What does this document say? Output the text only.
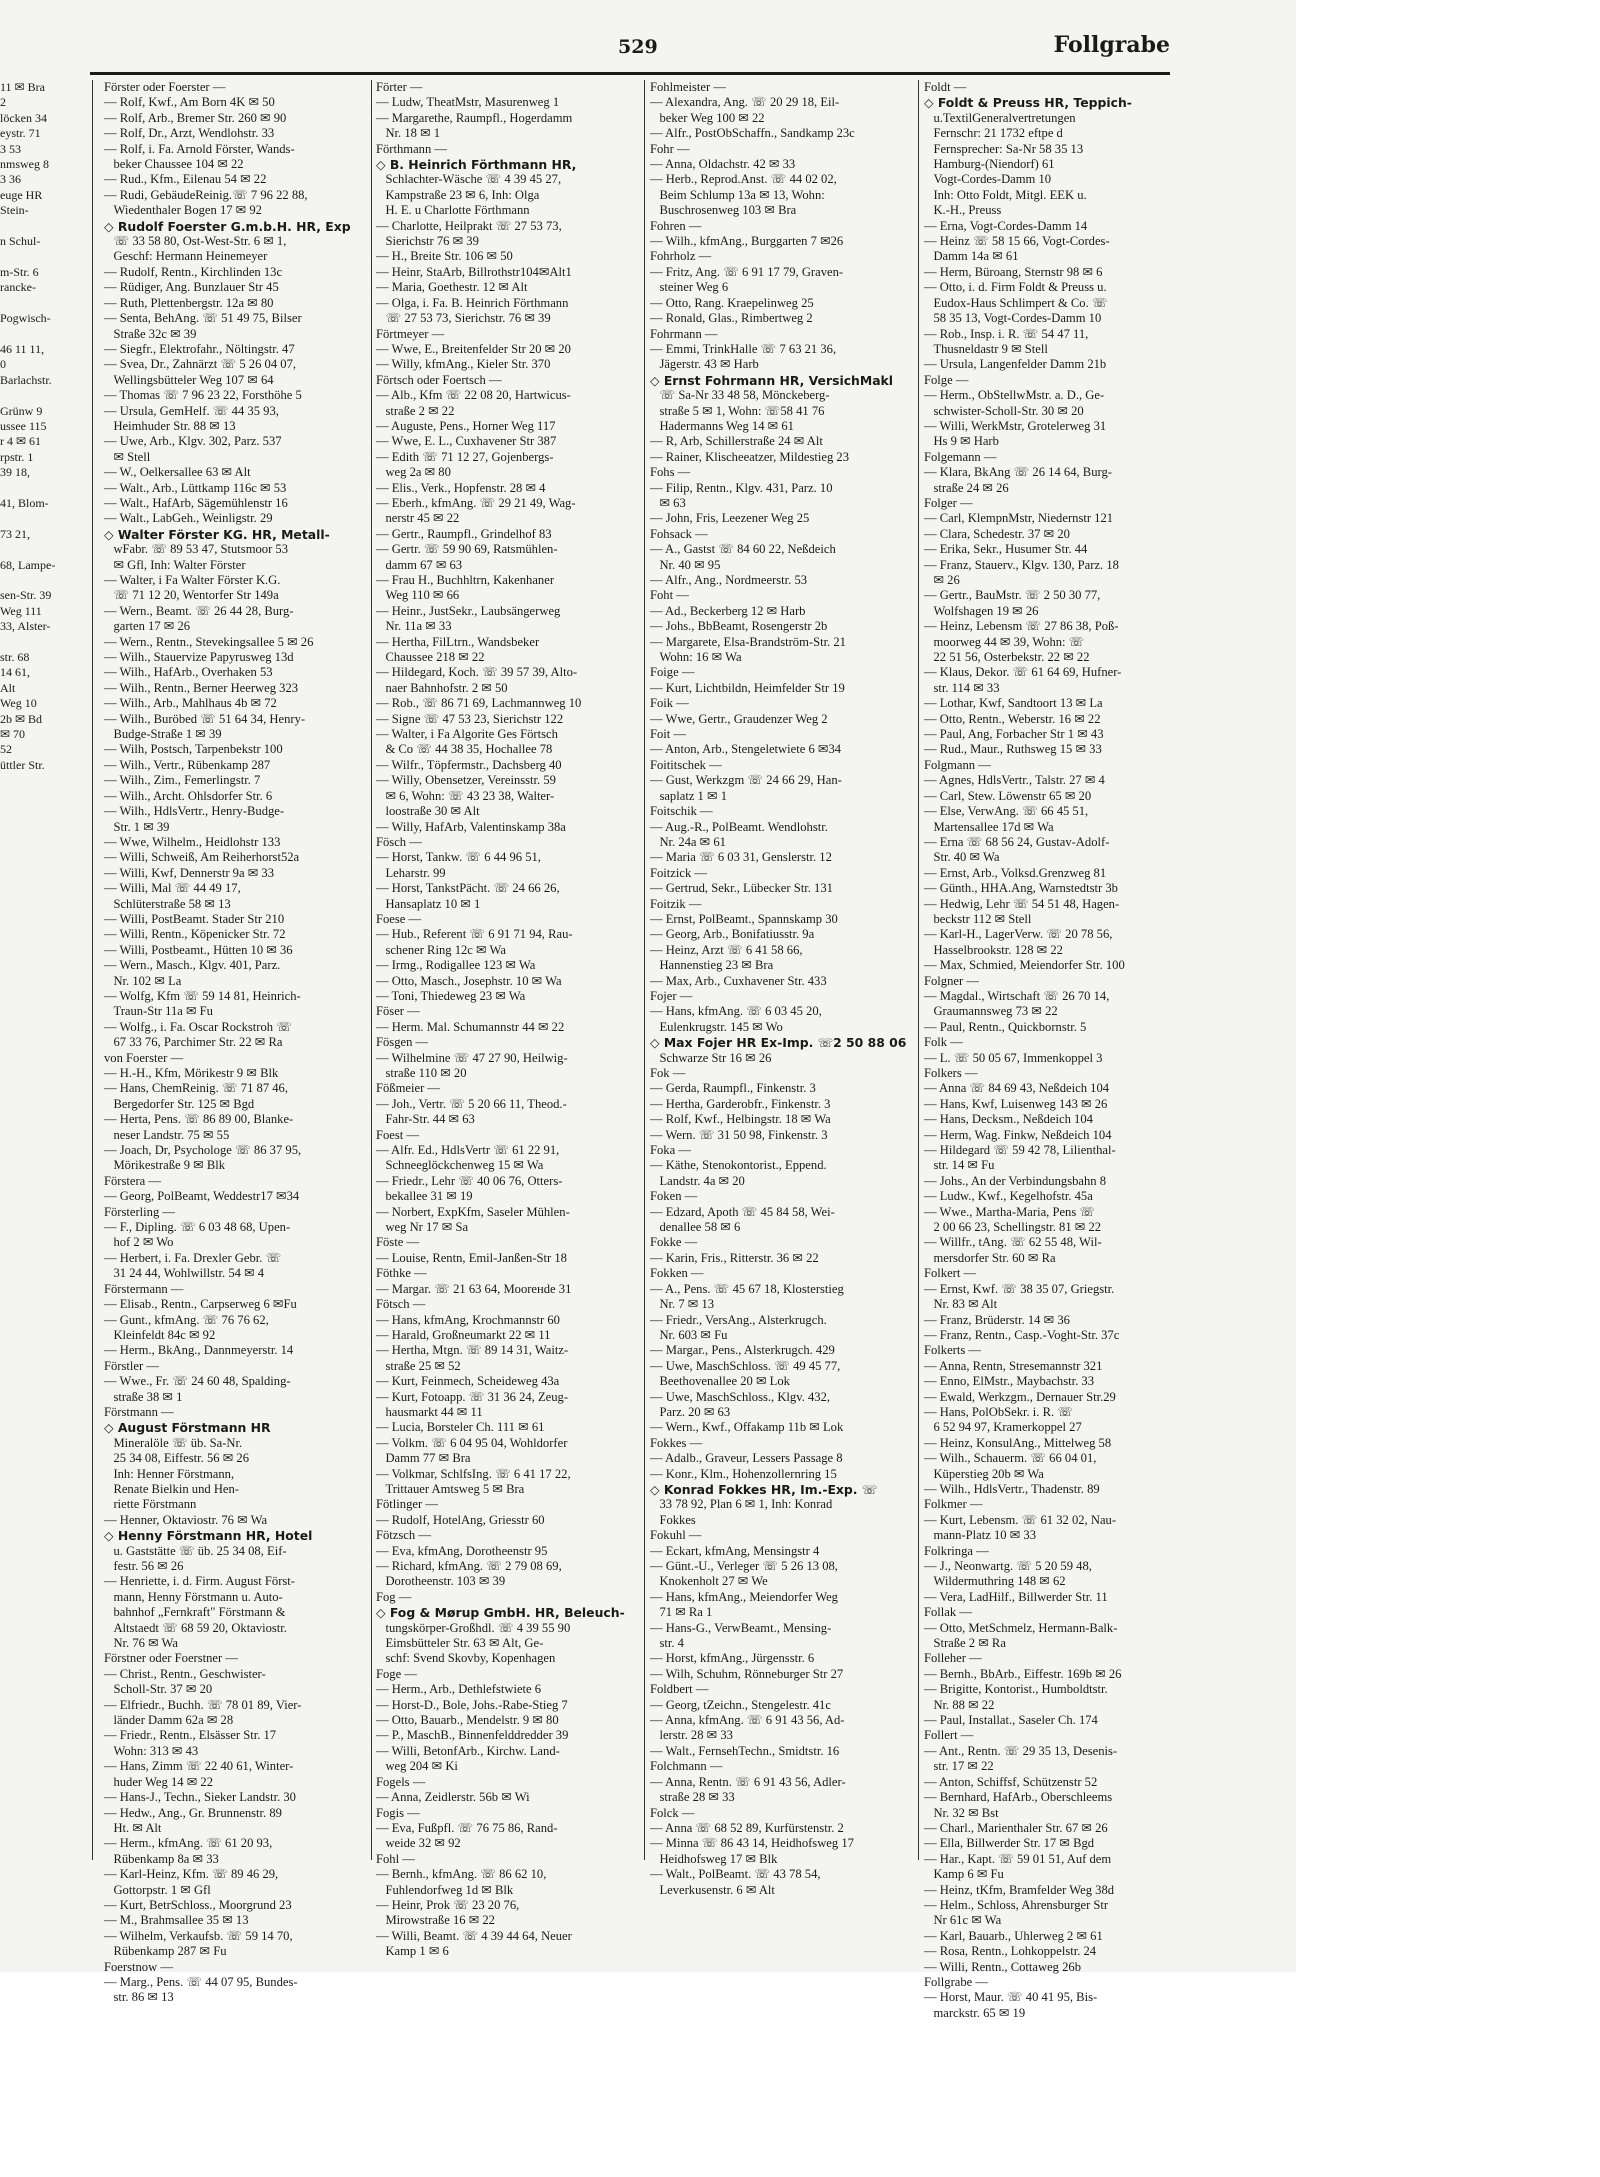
529	Follgrabe
11 ✉ Bra
2
löcken 34
eystr. 71
3 53
nmsweg 8
3 36
euge HR
Stein-

n Schul-

m-Str. 6
rancke-

Pogwisch-

46 11 11,
0
Barlachstr.

Grünw 9
ussee 115
r 4 ✉ 61
rpstr. 1
39 18,

41, Blom-

73 21,

68, Lampe-

sen-Str. 39
Weg 111
33, Alster-

str. 68
14 61,
Alt
Weg 10
2b ✉ Bd
✉ 70
52
üttler Str.
Förster oder Foerster —
— Rolf, Kwf., Am Born 4K ✉ 50
— Rolf, Arb., Bremer Str. 260 ✉ 90
— Rolf, Dr., Arzt, Wendlohstr. 33
— Rolf, i. Fa. Arnold Förster, Wands-
beker Chaussee 104 ✉ 22
— Rud., Kfm., Eilenau 54 ✉ 22
— Rudi, GebäudeReinig.☏ 7 96 22 88,
Wiedenthaler Bogen 17 ✉ 92
◇ Rudolf Foerster G.m.b.H. HR, Exp
☏ 33 58 80, Ost-West-Str. 6 ✉ 1,
Geschf: Hermann Heinemeyer
— Rudolf, Rentn., Kirchlinden 13c
— Rüdiger, Ang. Bunzlauer Str 45
— Ruth, Plettenbergstr. 12a ✉ 80
— Senta, BehAng. ☏ 51 49 75, Bilser
Straße 32c ✉ 39
— Siegfr., Elektrofahr., Nöltingstr. 47
— Svea, Dr., Zahnärzt ☏ 5 26 04 07,
Wellingsbütteler Weg 107 ✉ 64
— Thomas ☏ 7 96 23 22, Forsthöhe 5
— Ursula, GemHelf. ☏ 44 35 93,
Heimhuder Str. 88 ✉ 13
— Uwe, Arb., Klgv. 302, Parz. 537
✉ Stell
— W., Oelkersallee 63 ✉ Alt
— Walt., Arb., Lüttkamp 116c ✉ 53
— Walt., HafArb, Sägemühlenstr 16
— Walt., LabGeh., Weinligstr. 29
◇ Walter Förster KG. HR, Metall-
wFabr. ☏ 89 53 47, Stutsmoor 53
✉ Gfl, Inh: Walter Förster
— Walter, i Fa Walter Förster K.G.
☏ 71 12 20, Wentorfer Str 149a
— Wern., Beamt. ☏ 26 44 28, Burg-
garten 17 ✉ 26
— Wern., Rentn., Stevekingsallee 5 ✉ 26
— Wilh., Stauervize Papyrusweg 13d
— Wilh., HafArb., Overhaken 53
— Wilh., Rentn., Berner Heerweg 323
— Wilh., Arb., Mahlhaus 4b ✉ 72
— Wilh., Buröbed ☏ 51 64 34, Henry-
Budge-Straße 1 ✉ 39
— Wilh, Postsch, Tarpenbekstr 100
— Wilh., Vertr., Rübenkamp 287
— Wilh., Zim., Femerlingstr. 7
— Wilh., Archt. Ohlsdorfer Str. 6
— Wilh., HdlsVertr., Henry-Budge-
Str. 1 ✉ 39
— Wwe, Wilhelm., Heidlohstr 133
— Willi, Schweiß, Am Reiherhorst52a
— Willi, Kwf, Dennerstr 9a ✉ 33
— Willi, Mal ☏ 44 49 17,
Schlüterstraße 58 ✉ 13
— Willi, PostBeamt. Stader Str 210
— Willi, Rentn., Köpenicker Str. 72
— Willi, Postbeamt., Hütten 10 ✉ 36
— Wern., Masch., Klgv. 401, Parz.
Nr. 102 ✉ La
— Wolfg, Kfm ☏ 59 14 81, Heinrich-
Traun-Str 11a ✉ Fu
— Wolfg., i. Fa. Oscar Rockstroh ☏
67 33 76, Parchimer Str. 22 ✉ Ra
von Foerster —
— H.-H., Kfm, Mörikestr 9 ✉ Blk
— Hans, ChemReinig. ☏ 71 87 46,
Bergedorfer Str. 125 ✉ Bgd
— Herta, Pens. ☏ 86 89 00, Blanke-
neser Landstr. 75 ✉ 55
— Joach, Dr, Psychologe ☏ 86 37 95,
Mörikestraße 9 ✉ Blk
Förstera —
— Georg, PolBeamt, Weddestr17 ✉34
Försterling —
— F., Dipling. ☏ 6 03 48 68, Upen-
hof 2 ✉ Wo
— Herbert, i. Fa. Drexler Gebr. ☏
31 24 44, Wohlwillstr. 54 ✉ 4
Förstermann —
— Elisab., Rentn., Carpserweg 6 ✉Fu
— Gunt., kfmAng. ☏ 76 76 62,
Kleinfeldt 84c ✉ 92
— Herm., BkAng., Dannmeyerstr. 14
Förstler —
— Wwe., Fr. ☏ 24 60 48, Spalding-
straße 38 ✉ 1
Förstmann —
◇ August Förstmann HR
Mineralöle ☏ üb. Sa-Nr.
25 34 08, Eiffestr. 56 ✉ 26
Inh: Henner Förstmann,
Renate Bielkin und Hen-
riette Förstmann
— Henner, Oktaviostr. 76 ✉ Wa
◇ Henny Förstmann HR, Hotel
u. Gaststätte ☏ üb. 25 34 08, Eif-
festr. 56 ✉ 26
— Henriette, i. d. Firm. August Först-
mann, Henny Förstmann u. Auto-
bahnhof „Fernkraft" Förstmann &
Altstaedt ☏ 68 59 20, Oktaviostr.
Nr. 76 ✉ Wa
Förstner oder Foerstner —
— Christ., Rentn., Geschwister-
Scholl-Str. 37 ✉ 20
— Elfriedr., Buchh. ☏ 78 01 89, Vier-
länder Damm 62a ✉ 28
— Friedr., Rentn., Elsässer Str. 17
Wohn: 313 ✉ 43
— Hans, Zimm ☏ 22 40 61, Winter-
huder Weg 14 ✉ 22
— Hans-J., Techn., Sieker Landstr. 30
— Hedw., Ang., Gr. Brunnenstr. 89
Ht. ✉ Alt
— Herm., kfmAng. ☏ 61 20 93,
Rübenkamp 8a ✉ 33
— Karl-Heinz, Kfm. ☏ 89 46 29,
Gottorpstr. 1 ✉ Gfl
— Kurt, BetrSchloss., Moorgrund 23
— M., Brahmsallee 35 ✉ 13
— Wilhelm, Verkaufsb. ☏ 59 14 70,
Rübenkamp 287 ✉ Fu
Foerstnow —
— Marg., Pens. ☏ 44 07 95, Bundes-
str. 86 ✉ 13
Förter —
— Ludw, TheatMstr, Masurenweg 1
— Margarethe, Raumpfl., Hogerdamm
Nr. 18 ✉ 1
Förthmann —
◇ B. Heinrich Förthmann HR,
Schlachter-Wäsche ☏ 4 39 45 27,
Kampstraße 23 ✉ 6, Inh: Olga
H. E. u Charlotte Förthmann
— Charlotte, Heilprakt ☏ 27 53 73,
Sierichstr 76 ✉ 39
— H., Breite Str. 106 ✉ 50
— Heinr, StaArb, Billrothstr104✉Alt1
— Maria, Goethestr. 12 ✉ Alt
— Olga, i. Fa. B. Heinrich Förthmann
☏ 27 53 73, Sierichstr. 76 ✉ 39
Förtmeyer —
— Wwe, E., Breitenfelder Str 20 ✉ 20
— Willy, kfmAng., Kieler Str. 370
Förtsch oder Foertsch —
— Alb., Kfm ☏ 22 08 20, Hartwicus-
straße 2 ✉ 22
— Auguste, Pens., Horner Weg 117
— Wwe, E. L., Cuxhavener Str 387
— Edith ☏ 71 12 27, Gojenbergs-
weg 2a ✉ 80
— Elis., Verk., Hopfenstr. 28 ✉ 4
— Eberh., kfmAng. ☏ 29 21 49, Wag-
nerstr 45 ✉ 22
— Gertr., Raumpfl., Grindelhof 83
— Gertr. ☏ 59 90 69, Ratsmühlen-
damm 67 ✉ 63
— Frau H., Buchhltrn, Kakenhaner
Weg 110 ✉ 66
— Heinr., JustSekr., Laubsängerweg
Nr. 11a ✉ 33
— Hertha, FilLtrn., Wandsbeker
Chaussee 218 ✉ 22
— Hildegard, Koch. ☏ 39 57 39, Alto-
naer Bahnhofstr. 2 ✉ 50
— Rob., ☏ 86 71 69, Lachmannweg 10
— Signe ☏ 47 53 23, Sierichstr 122
— Walter, i Fa Algorite Ges Förtsch
& Co ☏ 44 38 35, Hochallee 78
— Wilfr., Töpfermstr., Dachsberg 40
— Willy, Obensetzer, Vereinsstr. 59
✉ 6, Wohn: ☏ 43 23 38, Walter-
loostraße 30 ✉ Alt
— Willy, HafArb, Valentinskamp 38a
Fösch —
— Horst, Tankw. ☏ 6 44 96 51,
Leharstr. 99
— Horst, TankstPächt. ☏ 24 66 26,
Hansaplatz 10 ✉ 1
Foese —
— Hub., Referent ☏ 6 91 71 94, Rau-
schener Ring 12c ✉ Wa
— Irmg., Rodigallee 123 ✉ Wa
— Otto, Masch., Josephstr. 10 ✉ Wa
— Toni, Thiedeweg 23 ✉ Wa
Föser —
— Herm. Mal. Schumannstr 44 ✉ 22
Fösgen —
— Wilhelmine ☏ 47 27 90, Heilwig-
straße 110 ✉ 20
Fößmeier —
— Joh., Vertr. ☏ 5 20 66 11, Theod.-
Fahr-Str. 44 ✉ 63
Foest —
— Alfr. Ed., HdlsVertr ☏ 61 22 91,
Schneeglöckchenweg 15 ✉ Wa
— Friedr., Lehr ☏ 40 06 76, Otters-
bekallee 31 ✉ 19
— Norbert, ExpKfm, Saseler Mühlen-
weg Nr 17 ✉ Sa
Föste —
— Louise, Rentn, Emil-Janßen-Str 18
Föthke —
— Margar. ☏ 21 63 64, Mooreнde 31
Fötsch —
— Hans, kfmAng, Krochmannstr 60
— Harald, Großneumarkt 22 ✉ 11
— Hertha, Mtgn. ☏ 89 14 31, Waitz-
straße 25 ✉ 52
— Kurt, Feinmech, Scheideweg 43a
— Kurt, Fotoapp. ☏ 31 36 24, Zeug-
hausmarkt 44 ✉ 11
— Lucia, Borsteler Ch. 111 ✉ 61
— Volkm. ☏ 6 04 95 04, Wohldorfer
Damm 77 ✉ Bra
— Volkmar, SchlfsIng. ☏ 6 41 17 22,
Trittauer Amtsweg 5 ✉ Bra
Fötlinger —
— Rudolf, HotelAng, Griesstr 60
Fötzsch —
— Eva, kfmAng, Dorotheenstr 95
— Richard, kfmAng. ☏ 2 79 08 69,
Dorotheenstr. 103 ✉ 39
Fog —
◇ Fog & Mørup GmbH. HR, Beleuch-
tungskörper-Großhdl. ☏ 4 39 55 90
Eimsbütteler Str. 63 ✉ Alt, Ge-
schf: Svend Skovby, Kopenhagen
Foge —
— Herm., Arb., Dethlefstwiete 6
— Horst-D., Bole, Johs.-Rabe-Stieg 7
— Otto, Bauarb., Mendelstr. 9 ✉ 80
— P., MaschB., Binnenfelddredder 39
— Willi, BetonfArb., Kirchw. Land-
weg 204 ✉ Ki
Fogels —
— Anna, Zeidlerstr. 56b ✉ Wi
Fogis —
— Eva, Fußpfl. ☏ 76 75 86, Rand-
weide 32 ✉ 92
Fohl —
— Bernh., kfmAng. ☏ 86 62 10,
Fuhlendorfweg 1d ✉ Blk
— Heinr, Prok ☏ 23 20 76,
Mirowstraße 16 ✉ 22
— Willi, Beamt. ☏ 4 39 44 64, Neuer
Kamp 1 ✉ 6
Fohlmeister —
— Alexandra, Ang. ☏ 20 29 18, Eil-
beker Weg 100 ✉ 22
— Alfr., PostObSchaffn., Sandkamp 23c
Fohr —
— Anna, Oldachstr. 42 ✉ 33
— Herb., Reprod.Anst. ☏ 44 02 02,
Beim Schlump 13a ✉ 13, Wohn:
Buschrosenweg 103 ✉ Bra
Fohren —
— Wilh., kfmAng., Burggarten 7 ✉26
Fohrholz —
— Fritz, Ang. ☏ 6 91 17 79, Graven-
steiner Weg 6
— Otto, Rang. Kraepelinweg 25
— Ronald, Glas., Rimbertweg 2
Fohrmann —
— Emmi, TrinkHalle ☏ 7 63 21 36,
Jägerstr. 43 ✉ Harb
◇ Ernst Fohrmann HR, VersichMakl
☏ Sa-Nr 33 48 58, Mönckeberg-
straße 5 ✉ 1, Wohn: ☏58 41 76
Hadermanns Weg 14 ✉ 61
— R, Arb, Schillerstraße 24 ✉ Alt
— Rainer, Klischeeatzer, Mildestieg 23
Fohs —
— Filip, Rentn., Klgv. 431, Parz. 10
✉ 63
— John, Fris, Leezener Weg 25
Fohsack —
— A., Gastst ☏ 84 60 22, Neßdeich
Nr. 40 ✉ 95
— Alfr., Ang., Nordmeerstr. 53
Foht —
— Ad., Beckerberg 12 ✉ Harb
— Johs., BbBeamt, Rosengerstr 2b
— Margarete, Elsa-Brandström-Str. 21
Wohn: 16 ✉ Wa
Foige —
— Kurt, Lichtbildn, Heimfelder Str 19
Foik —
— Wwe, Gertr., Graudenzer Weg 2
Foit —
— Anton, Arb., Stengeletwiete 6 ✉34
Foititschek —
— Gust, Werkzgm ☏ 24 66 29, Han-
saplatz 1 ✉ 1
Foitschik —
— Aug.-R., PolBeamt. Wendlohstr.
Nr. 24a ✉ 61
— Maria ☏ 6 03 31, Genslerstr. 12
Foitzick —
— Gertrud, Sekr., Lübecker Str. 131
Foitzik —
— Ernst, PolBeamt., Spannskamp 30
— Georg, Arb., Bonifatiusstr. 9a
— Heinz, Arzt ☏ 6 41 58 66,
Hannenstieg 23 ✉ Bra
— Max, Arb., Cuxhavener Str. 433
Fojer —
— Hans, kfmAng. ☏ 6 03 45 20,
Eulenkrugstr. 145 ✉ Wo
◇ Max Fojer HR Ex-Imp. ☏2 50 88 06
Schwarze Str 16 ✉ 26
Fok —
— Gerda, Raumpfl., Finkenstr. 3
— Hertha, Garderobfr., Finkenstr. 3
— Rolf, Kwf., Helbingstr. 18 ✉ Wa
— Wern. ☏ 31 50 98, Finkenstr. 3
Foka —
— Käthe, Stenokontorist., Eppend.
Landstr. 4a ✉ 20
Foken —
— Edzard, Apoth ☏ 45 84 58, Wei-
denallee 58 ✉ 6
Fokke —
— Karin, Fris., Ritterstr. 36 ✉ 22
Fokken —
— A., Pens. ☏ 45 67 18, Klosterstieg
Nr. 7 ✉ 13
— Friedr., VersAng., Alsterkrugch.
Nr. 603 ✉ Fu
— Margar., Pens., Alsterkrugch. 429
— Uwe, MaschSchloss. ☏ 49 45 77,
Beethovenallee 20 ✉ Lok
— Uwe, MaschSchloss., Klgv. 432,
Parz. 20 ✉ 63
— Wern., Kwf., Offakamp 11b ✉ Lok
Fokkes —
— Adalb., Graveur, Lessers Passage 8
— Konr., Klm., Hohenzollernring 15
◇ Konrad Fokkes HR, Im.-Exp. ☏
33 78 92, Plan 6 ✉ 1, Inh: Konrad
Fokkes
Fokuhl —
— Eckart, kfmAng, Mensingstr 4
— Günt.-U., Verleger ☏ 5 26 13 08,
Knokenholt 27 ✉ We
— Hans, kfmAng., Meiendorfer Weg
71 ✉ Ra 1
— Hans-G., VerwBeamt., Mensing-
str. 4
— Horst, kfmAng., Jürgensstr. 6
— Wilh, Schuhm, Rönneburger Str 27
Foldbert —
— Georg, tZeichn., Stengelestr. 41c
— Anna, kfmAng. ☏ 6 91 43 56, Ad-
lerstr. 28 ✉ 33
— Walt., FernsehTechn., Smidtstr. 16
Folchmann —
— Anna, Rentn. ☏ 6 91 43 56, Adler-
straße 28 ✉ 33
Folck —
— Anna ☏ 68 52 89, Kurfürstenstr. 2
— Minna ☏ 86 43 14, Heidhofsweg 17
Heidhofsweg 17 ✉ Blk
— Walt., PolBeamt. ☏ 43 78 54,
Leverkusenstr. 6 ✉ Alt
Foldt —
◇ Foldt & Preuss HR, Teppich-
u.TextilGeneralvertretungen
Fernschr: 21 1732 eftpe d
Fernsprecher: Sa-Nr 58 35 13
Hamburg-(Niendorf) 61
Vogt-Cordes-Damm 10
Inh: Otto Foldt, Mitgl. EEK u.
K.-H., Preuss
— Erna, Vogt-Cordes-Damm 14
— Heinz ☏ 58 15 66, Vogt-Cordes-
Damm 14a ✉ 61
— Herm, Büroang, Sternstr 98 ✉ 6
— Otto, i. d. Firm Foldt & Preuss u.
Eudox-Haus Schlimpert & Co. ☏
58 35 13, Vogt-Cordes-Damm 10
— Rob., Insp. i. R. ☏ 54 47 11,
Thusneldastr 9 ✉ Stell
— Ursula, Langenfelder Damm 21b
Folge —
— Herm., ObStellwMstr. a. D., Ge-
schwister-Scholl-Str. 30 ✉ 20
— Willi, WerkMstr, Grotelerweg 31
Hs 9 ✉ Harb
Folgemann —
— Klara, BkAng ☏ 26 14 64, Burg-
straße 24 ✉ 26
Folger —
— Carl, KlempnMstr, Niedernstr 121
— Clara, Schedestr. 37 ✉ 20
— Erika, Sekr., Husumer Str. 44
— Franz, Stauerv., Klgv. 130, Parz. 18
✉ 26
— Gertr., BauMstr. ☏ 2 50 30 77,
Wolfshagen 19 ✉ 26
— Heinz, Lebensm ☏ 27 86 38, Poß-
moorweg 44 ✉ 39, Wohn: ☏
22 51 56, Osterbekstr. 22 ✉ 22
— Klaus, Dekor. ☏ 61 64 69, Hufner-
str. 114 ✉ 33
— Lothar, Kwf, Sandtoort 13 ✉ La
— Otto, Rentn., Weberstr. 16 ✉ 22
— Paul, Ang, Forbacher Str 1 ✉ 43
— Rud., Maur., Ruthsweg 15 ✉ 33
Folgmann —
— Agnes, HdlsVertr., Talstr. 27 ✉ 4
— Carl, Stew. Löwenstr 65 ✉ 20
— Else, VerwAng. ☏ 66 45 51,
Martensallee 17d ✉ Wa
— Erna ☏ 68 56 24, Gustav-Adolf-
Str. 40 ✉ Wa
— Ernst, Arb., Volksd.Grenzweg 81
— Günth., HHA.Ang, Warnstedtstr 3b
— Hedwig, Lehr ☏ 54 51 48, Hagen-
beckstr 112 ✉ Stell
— Karl-H., LagerVerw. ☏ 20 78 56,
Hasselbrookstr. 128 ✉ 22
— Max, Schmied, Meiendorfer Str. 100
Folgner —
— Magdal., Wirtschaft ☏ 26 70 14,
Graumannsweg 73 ✉ 22
— Paul, Rentn., Quickbornstr. 5
Folk —
— L. ☏ 50 05 67, Immenkoppel 3
Folkers —
— Anna ☏ 84 69 43, Neßdeich 104
— Hans, Kwf, Luisenweg 143 ✉ 26
— Hans, Decksm., Neßdeich 104
— Herm, Wag. Finkw, Neßdeich 104
— Hildegard ☏ 59 42 78, Lilienthal-
str. 14 ✉ Fu
— Johs., An der Verbindungsbahn 8
— Ludw., Kwf., Kegelhofstr. 45a
— Wwe., Martha-Maria, Pens ☏
2 00 66 23, Schellingstr. 81 ✉ 22
— Willfr., tAng. ☏ 62 55 48, Wil-
mersdorfer Str. 60 ✉ Ra
Folkert —
— Ernst, Kwf. ☏ 38 35 07, Griegstr.
Nr. 83 ✉ Alt
— Franz, Brüderstr. 14 ✉ 36
— Franz, Rentn., Casp.-Voght-Str. 37c
Folkerts —
— Anna, Rentn, Stresemannstr 321
— Enno, ElMstr., Maybachstr. 33
— Ewald, Werkzgm., Dernauer Str.29
— Hans, PolObSekr. i. R. ☏
6 52 94 97, Kramerkoppel 27
— Heinz, KonsulAng., Mittelweg 58
— Wilh., Schauerm. ☏ 66 04 01,
Küperstieg 20b ✉ Wa
— Wilh., HdlsVertr., Thadenstr. 89
Folkmer —
— Kurt, Lebensm. ☏ 61 32 02, Nau-
mann-Platz 10 ✉ 33
Folkringa —
— J., Neonwartg. ☏ 5 20 59 48,
Wildermuthring 148 ✉ 62
— Vera, LadHilf., Billwerder Str. 11
Follak —
— Otto, MetSchmelz, Hermann-Balk-
Straße 2 ✉ Ra
Folleher —
— Bernh., BbArb., Eiffestr. 169b ✉ 26
— Brigitte, Kontorist., Humboldtstr.
Nr. 88 ✉ 22
— Paul, Installat., Saseler Ch. 174
Follert —
— Ant., Rentn. ☏ 29 35 13, Desenis-
str. 17 ✉ 22
— Anton, Schiffsf, Schützenstr 52
— Bernhard, HafArb., Oberschleems
Nr. 32 ✉ Bst
— Charl., Marienthaler Str. 67 ✉ 26
— Ella, Billwerder Str. 17 ✉ Bgd
— Har., Kapt. ☏ 59 01 51, Auf dem
Kamp 6 ✉ Fu
— Heinz, tKfm, Bramfelder Weg 38d
— Helm., Schloss, Ahrensburger Str
Nr 61c ✉ Wa
— Karl, Bauarb., Uhlerweg 2 ✉ 61
— Rosa, Rentn., Lohkoppelstr. 24
— Willi, Rentn., Cottaweg 26b
Follgrabe —
— Horst, Maur. ☏ 40 41 95, Bis-
marckstr. 65 ✉ 19
